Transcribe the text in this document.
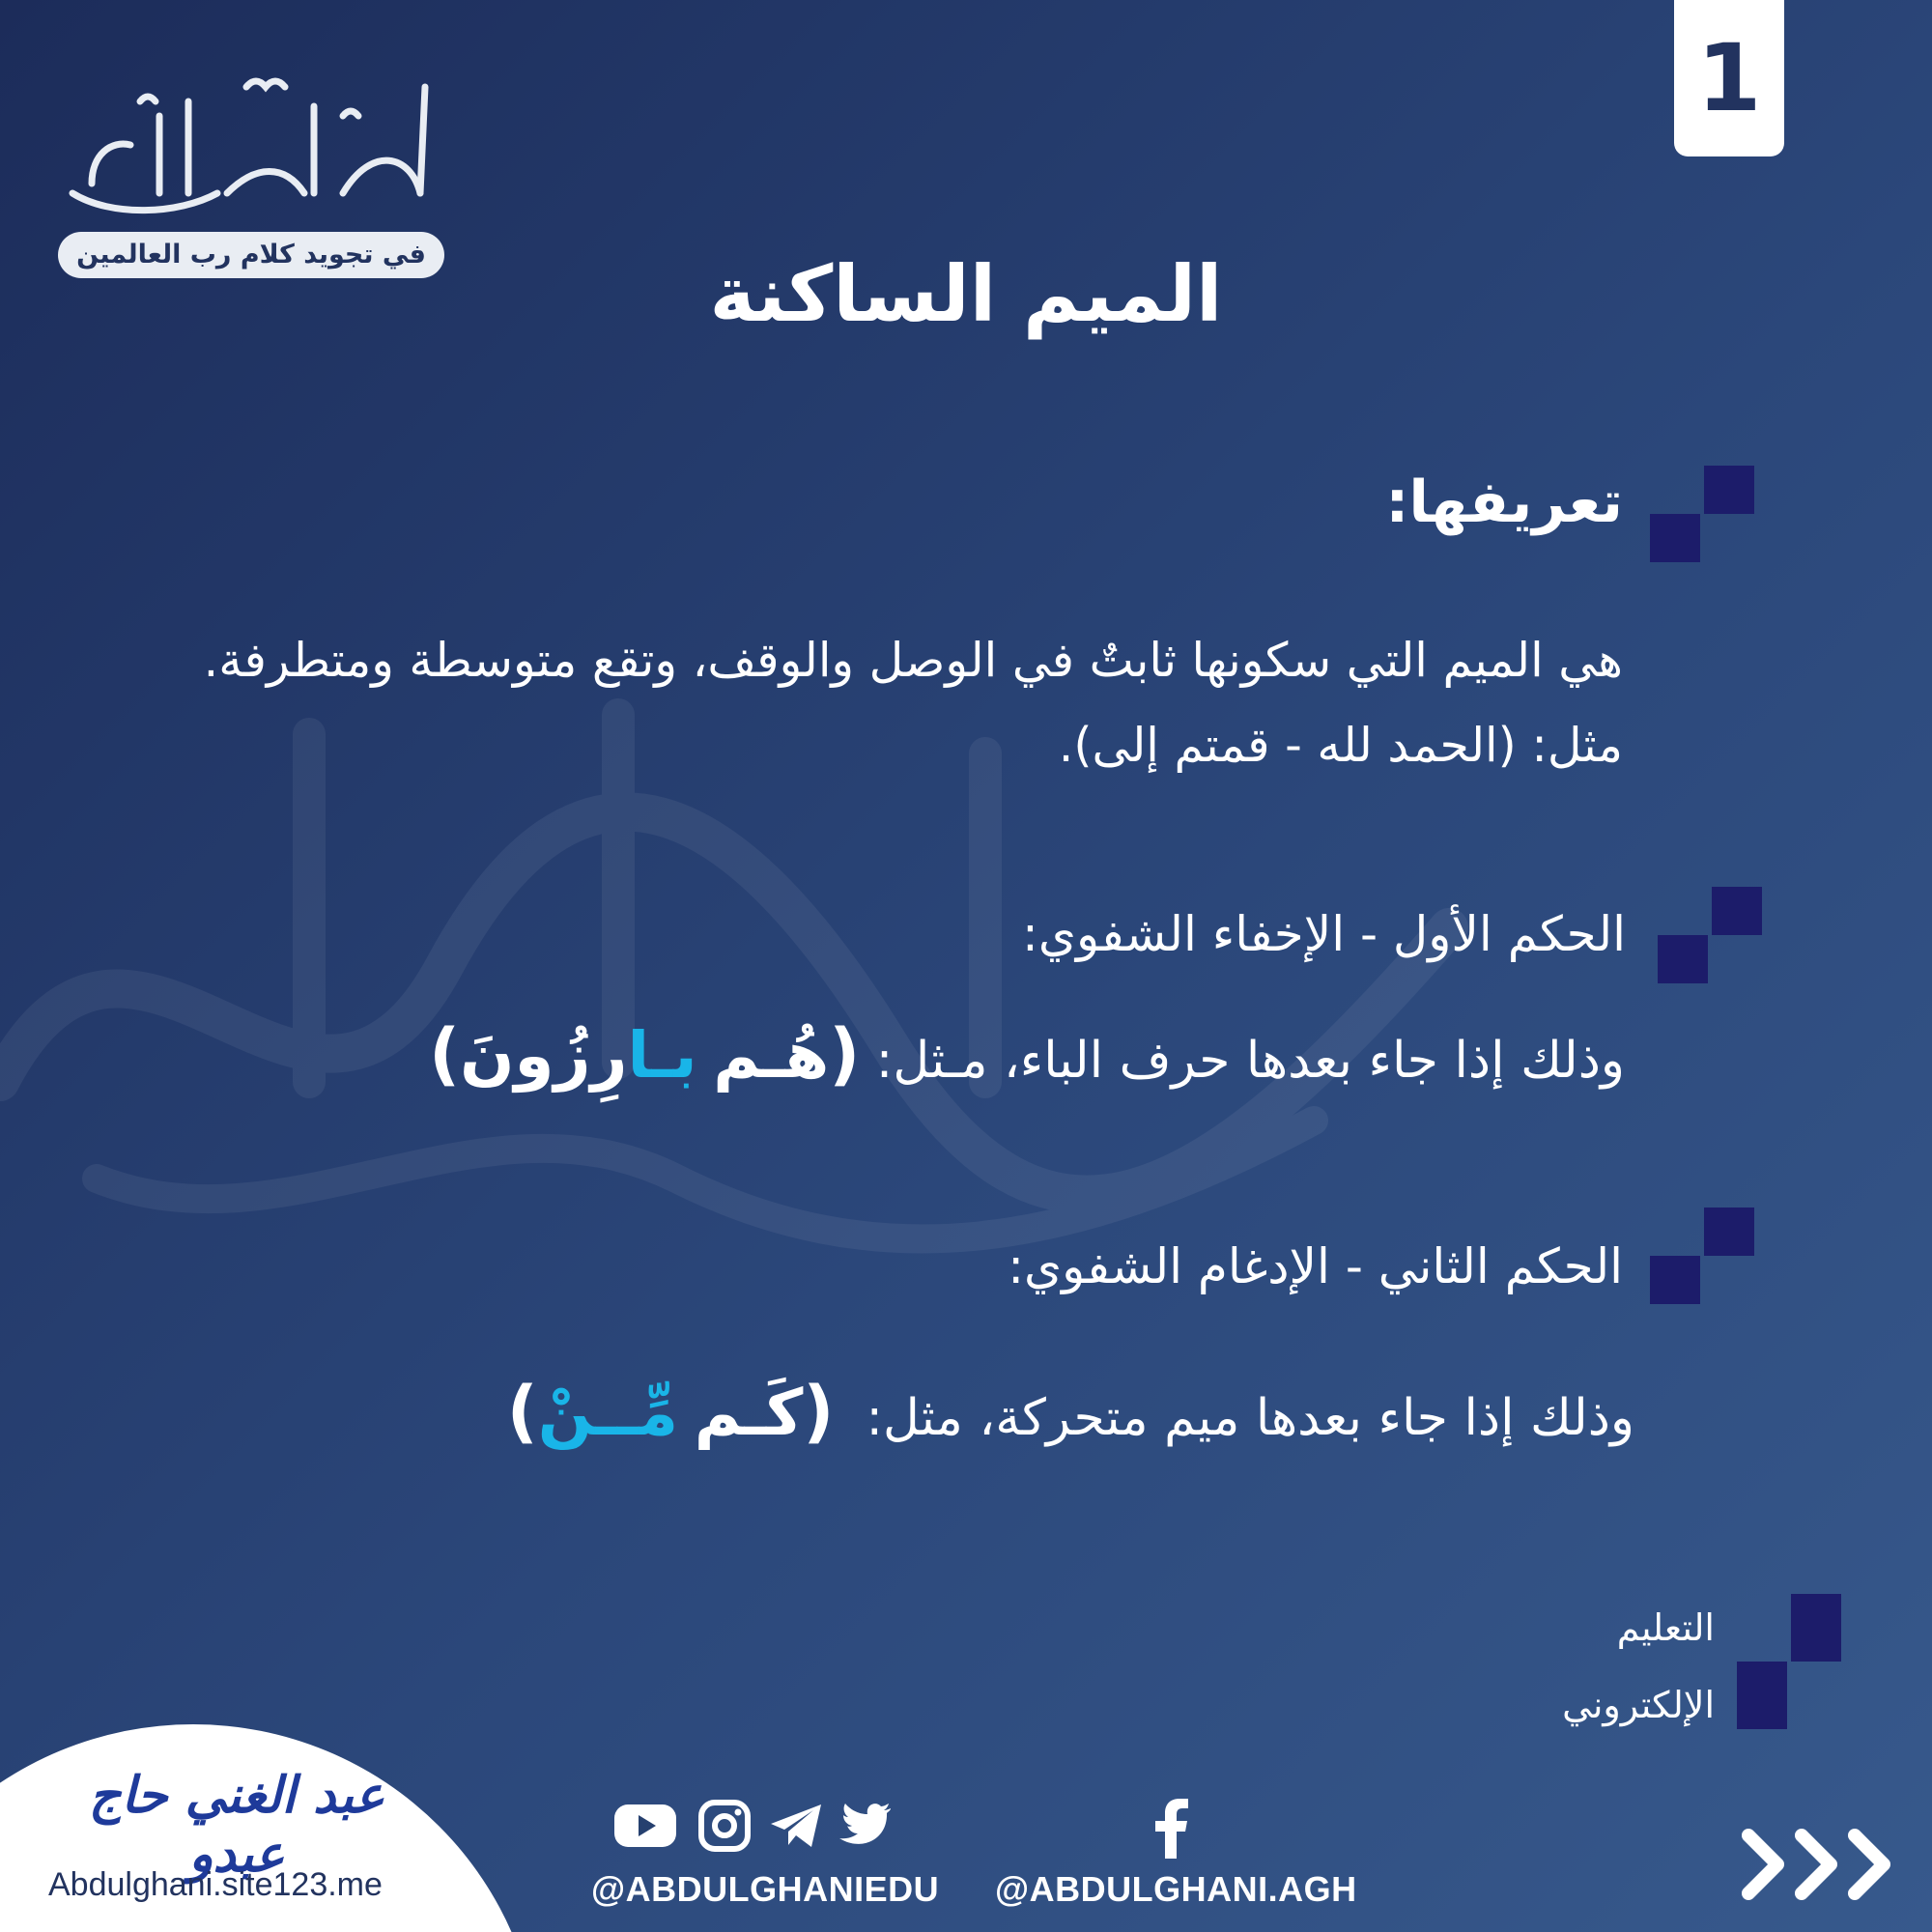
في تجويد كلام رب العالمين
1
الميم الساكنة
تعريفها:
هي الميم التي سكونها ثابتٌ في الوصل والوقف، وتقع متوسطة ومتطرفة. مثل: (الحمد لله - قمتم إلى).
الحكم الأول - الإخفاء الشفوي:
وذلك إذا جاء بعدها حرف الباء، مـثل: (هُـم بـارِزُونَ)
الحكم الثاني - الإدغام الشفوي:
وذلك إذا جاء بعدها ميم متحركة، مثل:  (كَـم مِّــنْ)
التعليم
الإلكتروني
عبد الغني حاج عبدو
Abdulghani.site123.me	@ABDULGHANIEDU @ABDULGHANI.AGH
